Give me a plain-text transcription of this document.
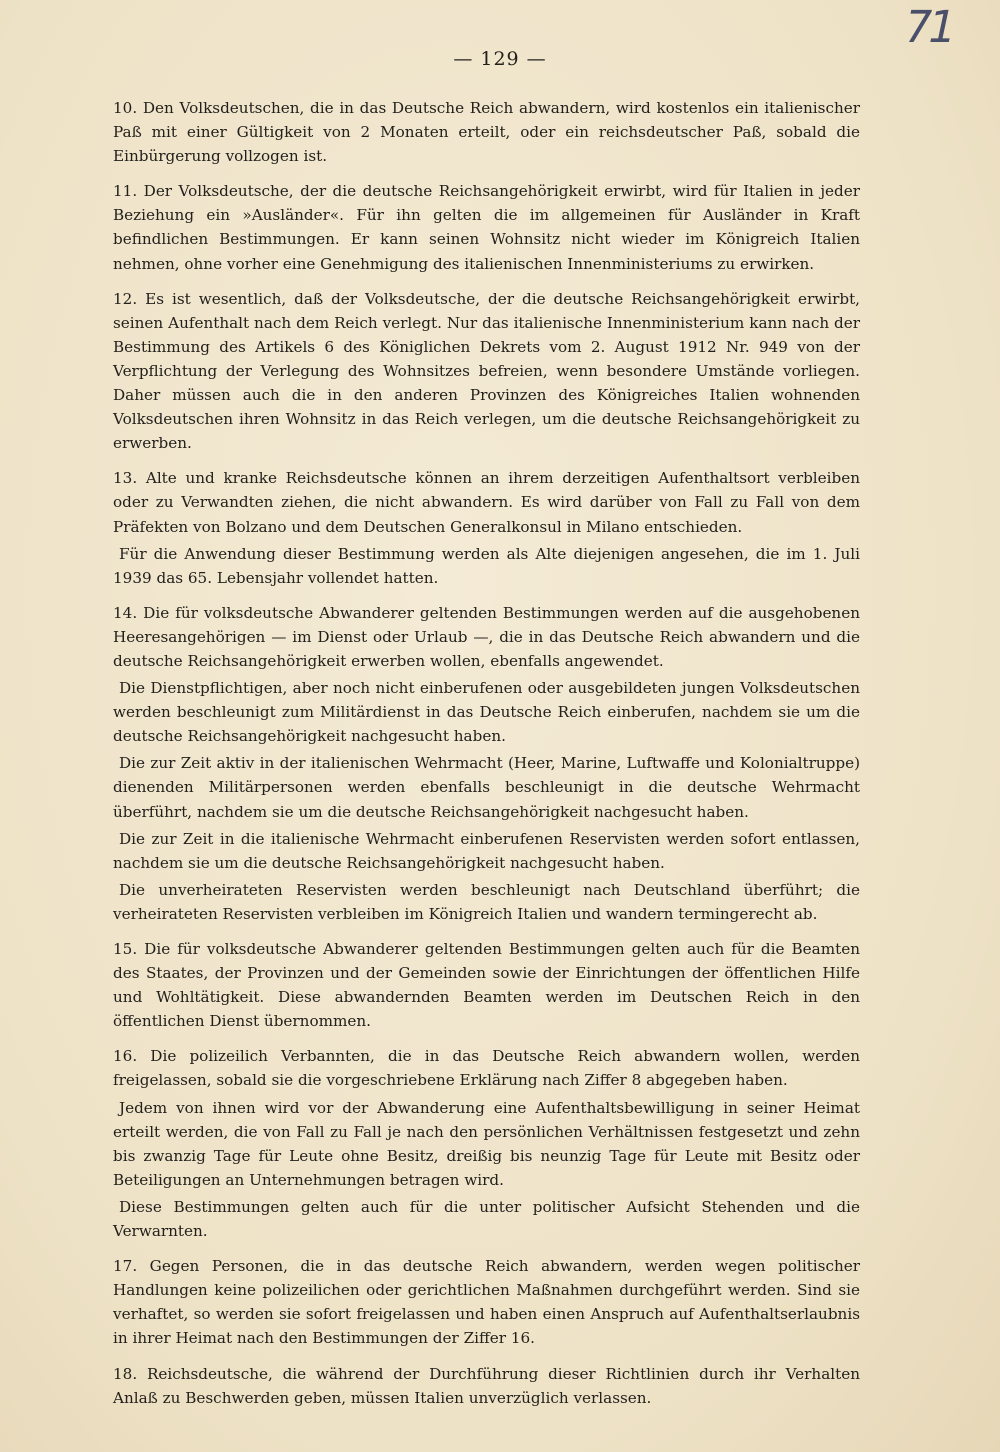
71
— 129 —

10. Den Volksdeutschen, die in das Deutsche Reich abwandern, wird kostenlos ein italienischer Paß mit einer Gültigkeit von 2 Monaten erteilt, oder ein reichsdeutscher Paß, sobald die Einbürgerung vollzogen ist.

11. Der Volksdeutsche, der die deutsche Reichsangehörigkeit erwirbt, wird für Italien in jeder Beziehung ein »Ausländer«. Für ihn gelten die im allgemeinen für Ausländer in Kraft befindlichen Bestimmungen. Er kann seinen Wohnsitz nicht wieder im Königreich Italien nehmen, ohne vorher eine Genehmigung des italienischen Innenministeriums zu erwirken.

12. Es ist wesentlich, daß der Volksdeutsche, der die deutsche Reichsangehörigkeit erwirbt, seinen Aufenthalt nach dem Reich verlegt. Nur das italienische Innenministerium kann nach der Bestimmung des Artikels 6 des Königlichen Dekrets vom 2. August 1912 Nr. 949 von der Verpflichtung der Verlegung des Wohnsitzes befreien, wenn besondere Umstände vorliegen. Daher müssen auch die in den anderen Provinzen des Königreiches Italien wohnenden Volksdeutschen ihren Wohnsitz in das Reich verlegen, um die deutsche Reichsangehörigkeit zu erwerben.

13. Alte und kranke Reichsdeutsche können an ihrem derzeitigen Aufenthaltsort verbleiben oder zu Verwandten ziehen, die nicht abwandern. Es wird darüber von Fall zu Fall von dem Präfekten von Bolzano und dem Deutschen Generalkonsul in Milano entschieden.

Für die Anwendung dieser Bestimmung werden als Alte diejenigen angesehen, die im 1. Juli 1939 das 65. Lebensjahr vollendet hatten.

14. Die für volksdeutsche Abwanderer geltenden Bestimmungen werden auf die ausgehobenen Heeresangehörigen — im Dienst oder Urlaub —, die in das Deutsche Reich abwandern und die deutsche Reichsangehörigkeit erwerben wollen, ebenfalls angewendet.

Die Dienstpflichtigen, aber noch nicht einberufenen oder ausgebildeten jungen Volksdeutschen werden beschleunigt zum Militärdienst in das Deutsche Reich einberufen, nachdem sie um die deutsche Reichsangehörigkeit nachgesucht haben.

Die zur Zeit aktiv in der italienischen Wehrmacht (Heer, Marine, Luftwaffe und Kolonialtruppe) dienenden Militärpersonen werden ebenfalls beschleunigt in die deutsche Wehrmacht überführt, nachdem sie um die deutsche Reichsangehörigkeit nachgesucht haben.

Die zur Zeit in die italienische Wehrmacht einberufenen Reservisten werden sofort entlassen, nachdem sie um die deutsche Reichsangehörigkeit nachgesucht haben.

Die unverheirateten Reservisten werden beschleunigt nach Deutschland überführt; die verheirateten Reservisten verbleiben im Königreich Italien und wandern termingerecht ab.

15. Die für volksdeutsche Abwanderer geltenden Bestimmungen gelten auch für die Beamten des Staates, der Provinzen und der Gemeinden sowie der Einrichtungen der öffentlichen Hilfe und Wohltätigkeit. Diese abwandernden Beamten werden im Deutschen Reich in den öffentlichen Dienst übernommen.

16. Die polizeilich Verbannten, die in das Deutsche Reich abwandern wollen, werden freigelassen, sobald sie die vorgeschriebene Erklärung nach Ziffer 8 abgegeben haben.

Jedem von ihnen wird vor der Abwanderung eine Aufenthaltsbewilligung in seiner Heimat erteilt werden, die von Fall zu Fall je nach den persönlichen Verhältnissen festgesetzt und zehn bis zwanzig Tage für Leute ohne Besitz, dreißig bis neunzig Tage für Leute mit Besitz oder Beteiligungen an Unternehmungen betragen wird.

Diese Bestimmungen gelten auch für die unter politischer Aufsicht Stehenden und die Verwarnten.

17. Gegen Personen, die in das deutsche Reich abwandern, werden wegen politischer Handlungen keine polizeilichen oder gerichtlichen Maßnahmen durchgeführt werden. Sind sie verhaftet, so werden sie sofort freigelassen und haben einen Anspruch auf Aufenthaltserlaubnis in ihrer Heimat nach den Bestimmungen der Ziffer 16.

18. Reichsdeutsche, die während der Durchführung dieser Richtlinien durch ihr Verhalten Anlaß zu Beschwerden geben, müssen Italien unverzüglich verlassen.
